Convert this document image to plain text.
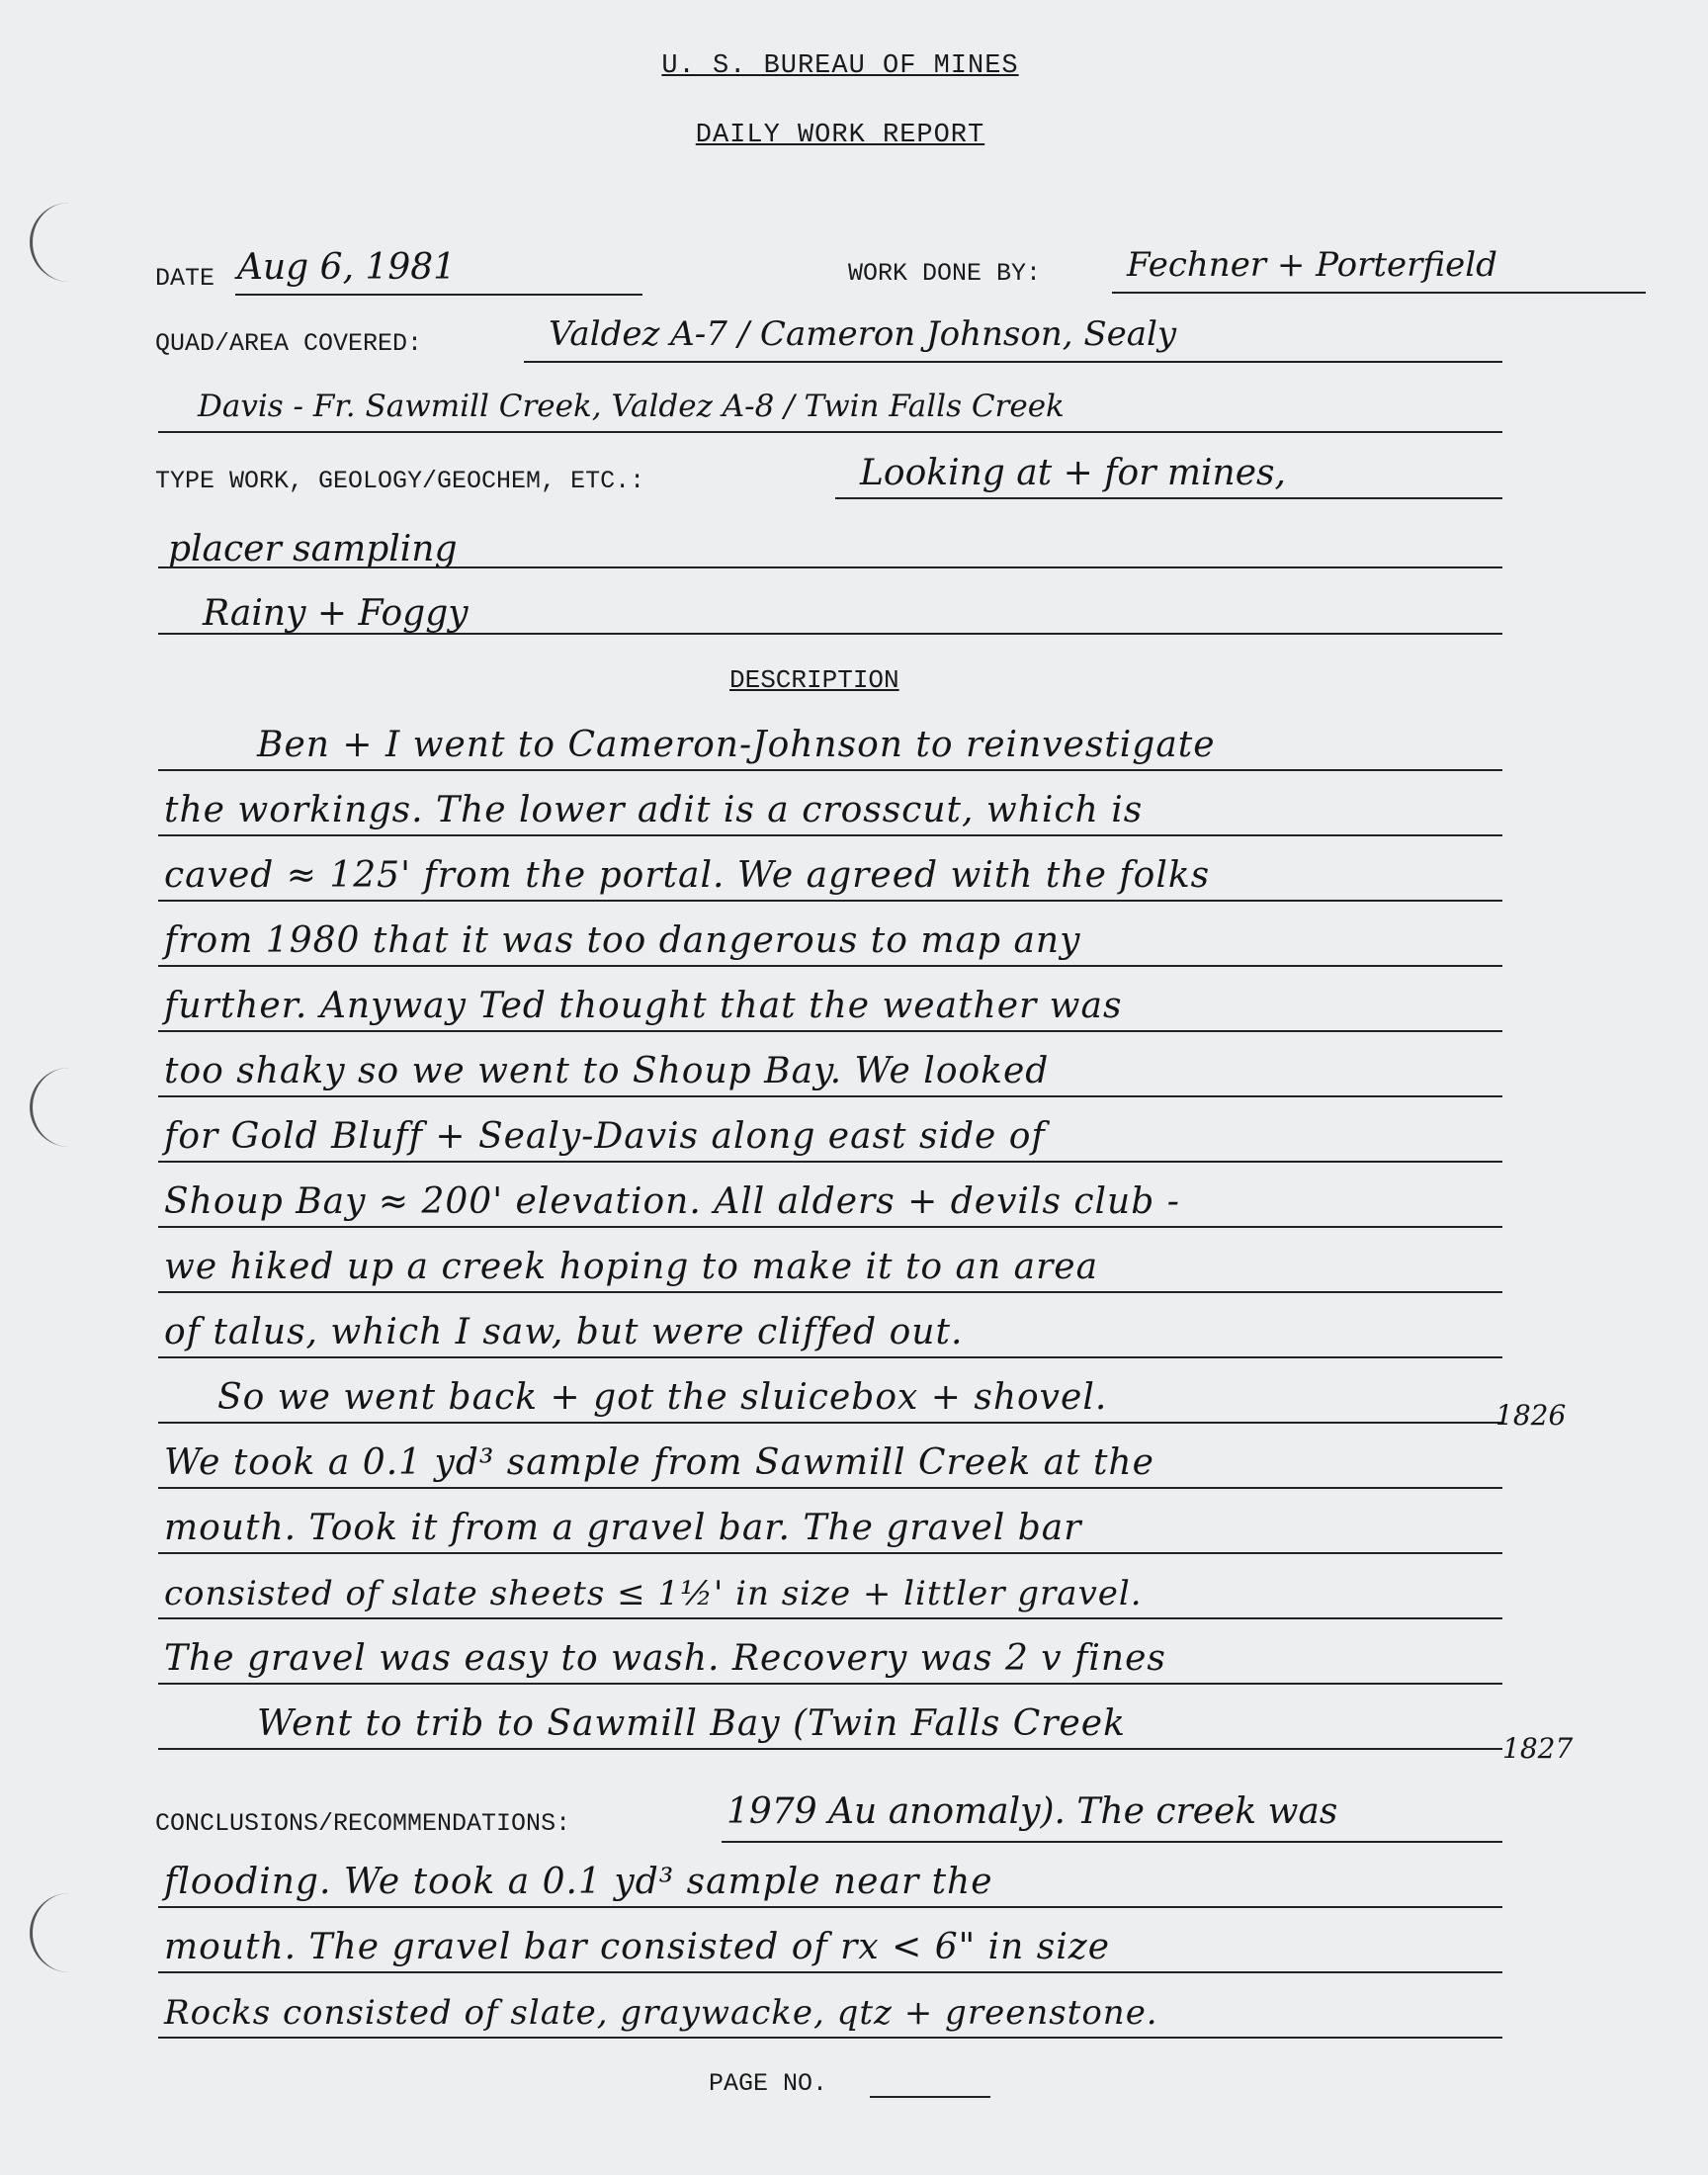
U. S. BUREAU OF MINES
DAILY WORK REPORT
DATE Aug 6, 1981	WORK DONE BY:	Fechner + Porterfield
QUAD/AREA COVERED:	Valdez A-7 / Cameron Johnson, Sealy
Davis - Fr. Sawmill Creek, Valdez A-8 / Twin Falls Creek
TYPE WORK, GEOLOGY/GEOCHEM, ETC.:	Looking at + for mines,
placer sampling
Rainy + Foggy
DESCRIPTION
Ben + I went to Cameron-Johnson to reinvestigate
the workings. The lower adit is a crosscut, which is
caved ≈ 125' from the portal. We agreed with the folks
from 1980 that it was too dangerous to map any
further. Anyway Ted thought that the weather was
too shaky so we went to Shoup Bay. We looked
for Gold Bluff + Sealy-Davis along east side of
Shoup Bay ≈ 200' elevation. All alders + devils club -
we hiked up a creek hoping to make it to an area
of talus, which I saw, but were cliffed out.
So we went back + got the sluicebox + shovel.
We took a 0.1 yd³ sample from Sawmill Creek at the
mouth. Took it from a gravel bar. The gravel bar
consisted of slate sheets ≤ 1½' in size + littler gravel.
The gravel was easy to wash. Recovery was 2 v fines
Went to trib to Sawmill Bay (Twin Falls Creek
1826
1827
CONCLUSIONS/RECOMMENDATIONS:	1979 Au anomaly). The creek was
flooding. We took a 0.1 yd³ sample near the
mouth. The gravel bar consisted of rx < 6" in size
Rocks consisted of slate, graywacke, qtz + greenstone.
PAGE NO.
